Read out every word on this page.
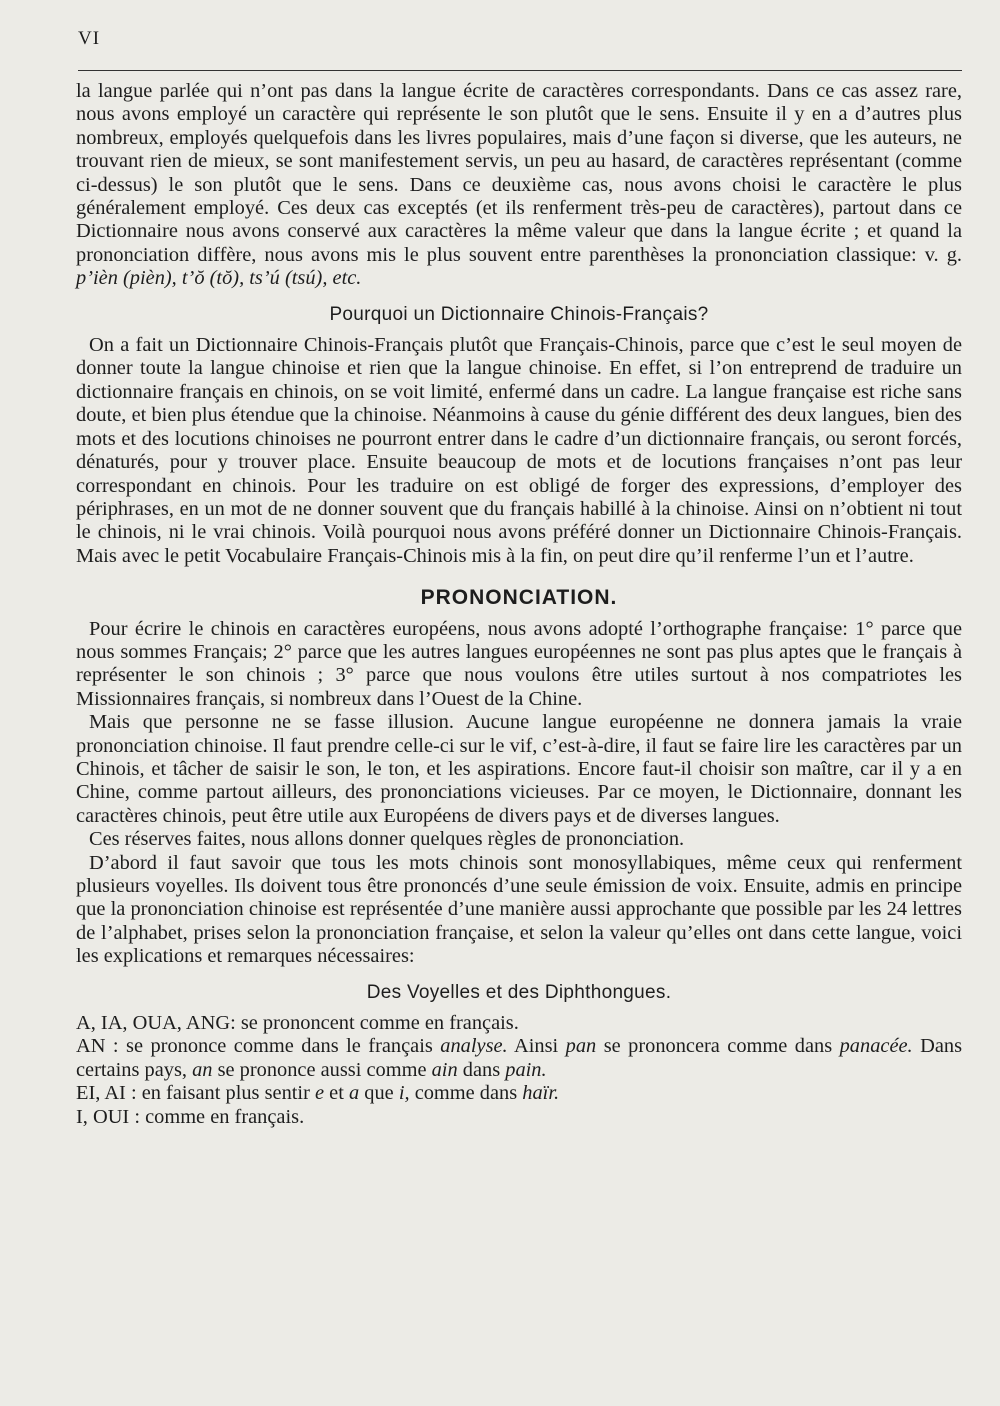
VI

la langue parlée qui n’ont pas dans la langue écrite de caractères correspondants. Dans ce cas assez rare, nous avons employé un caractère qui représente le son plutôt que le sens. Ensuite il y en a d’autres plus nombreux, employés quelquefois dans les livres populaires, mais d’une façon si diverse, que les auteurs, ne trouvant rien de mieux, se sont manifestement servis, un peu au hasard, de caractères représentant (comme ci-dessus) le son plutôt que le sens. Dans ce deuxième cas, nous avons choisi le caractère le plus généralement employé. Ces deux cas exceptés (et ils renferment très-peu de caractères), partout dans ce Dictionnaire nous avons conservé aux caractères la même valeur que dans la langue écrite ; et quand la prononciation diffère, nous avons mis le plus souvent entre parenthèses la prononciation classique: v. g. p’ièn (pièn), t’ŏ (tŏ), ts’ú (tsú), etc.

Pourquoi un Dictionnaire Chinois-Français?

On a fait un Dictionnaire Chinois-Français plutôt que Français-Chinois, parce que c’est le seul moyen de donner toute la langue chinoise et rien que la langue chinoise. En effet, si l’on entreprend de traduire un dictionnaire français en chinois, on se voit limité, enfermé dans un cadre. La langue française est riche sans doute, et bien plus étendue que la chinoise. Néanmoins à cause du génie différent des deux langues, bien des mots et des locutions chinoises ne pourront entrer dans le cadre d’un dictionnaire français, ou seront forcés, dénaturés, pour y trouver place. Ensuite beaucoup de mots et de locutions françaises n’ont pas leur correspondant en chinois. Pour les traduire on est obligé de forger des expressions, d’employer des périphrases, en un mot de ne donner souvent que du français habillé à la chinoise. Ainsi on n’obtient ni tout le chinois, ni le vrai chinois. Voilà pourquoi nous avons préféré donner un Dictionnaire Chinois-Français. Mais avec le petit Vocabulaire Français-Chinois mis à la fin, on peut dire qu’il renferme l’un et l’autre.

PRONONCIATION.

Pour écrire le chinois en caractères européens, nous avons adopté l’orthographe française: 1° parce que nous sommes Français; 2° parce que les autres langues européennes ne sont pas plus aptes que le français à représenter le son chinois ; 3° parce que nous voulons être utiles surtout à nos compatriotes les Missionnaires français, si nombreux dans l’Ouest de la Chine.

Mais que personne ne se fasse illusion. Aucune langue européenne ne donnera jamais la vraie prononciation chinoise. Il faut prendre celle-ci sur le vif, c’est-à-dire, il faut se faire lire les caractères par un Chinois, et tâcher de saisir le son, le ton, et les aspirations. Encore faut-il choisir son maître, car il y a en Chine, comme partout ailleurs, des prononciations vicieuses. Par ce moyen, le Dictionnaire, donnant les caractères chinois, peut être utile aux Européens de divers pays et de diverses langues.

Ces réserves faites, nous allons donner quelques règles de prononciation.

D’abord il faut savoir que tous les mots chinois sont monosyllabiques, même ceux qui renferment plusieurs voyelles. Ils doivent tous être prononcés d’une seule émission de voix. Ensuite, admis en principe que la prononciation chinoise est représentée d’une manière aussi approchante que possible par les 24 lettres de l’alphabet, prises selon la prononciation française, et selon la valeur qu’elles ont dans cette langue, voici les explications et remarques nécessaires:

Des Voyelles et des Diphthongues.

A, IA, OUA, ANG: se prononcent comme en français.

AN : se prononce comme dans le français analyse. Ainsi pan se prononcera comme dans panacée. Dans certains pays, an se prononce aussi comme ain dans pain.

EI, AI : en faisant plus sentir e et a que i, comme dans haïr.

I, OUI : comme en français.
